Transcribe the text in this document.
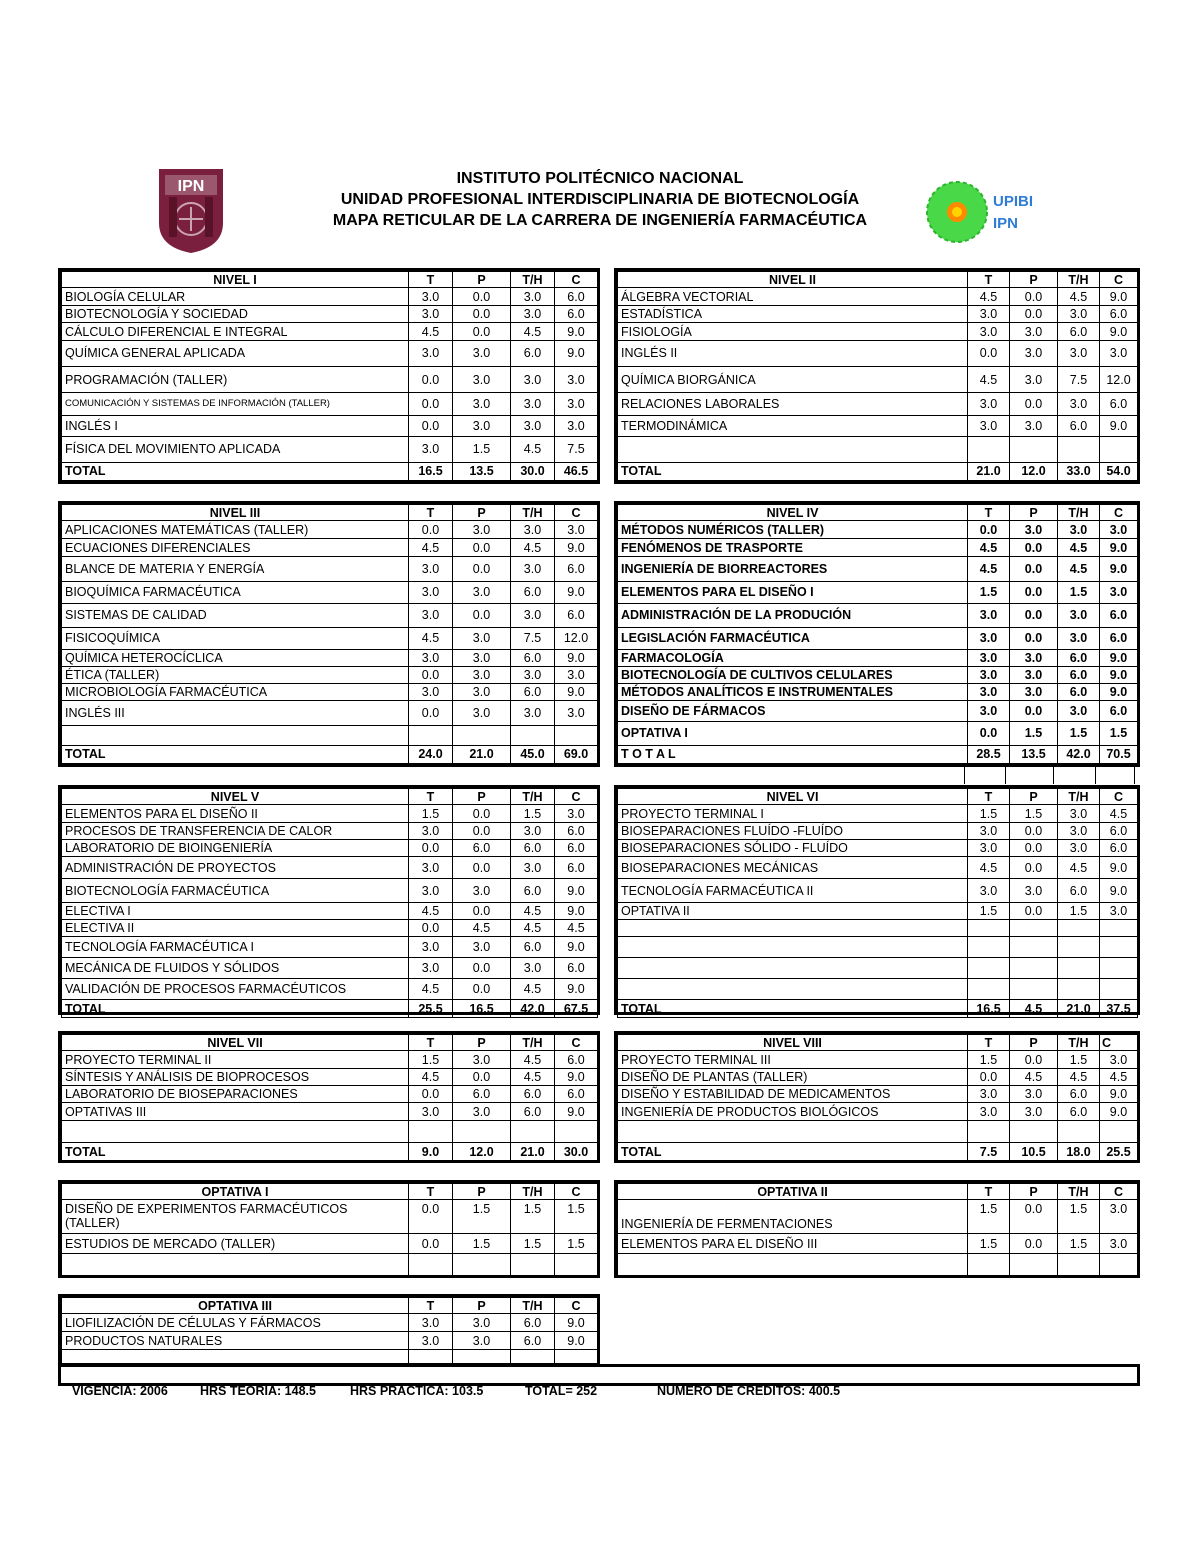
INSTITUTO POLITÉCNICO NACIONAL
UNIDAD PROFESIONAL INTERDISCIPLINARIA DE BIOTECNOLOGÍA
MAPA RETICULAR DE LA CARRERA DE INGENIERÍA FARMACÉUTICA
IPN
UPIBI
IPN
NIVEL I	T	P	T/H	C
BIOLOGÍA CELULAR	3.0	0.0	3.0	6.0
BIOTECNOLOGÍA Y SOCIEDAD	3.0	0.0	3.0	6.0
CÁLCULO DIFERENCIAL E INTEGRAL	4.5	0.0	4.5	9.0
QUÍMICA GENERAL APLICADA	3.0	3.0	6.0	9.0
PROGRAMACIÓN (TALLER)	0.0	3.0	3.0	3.0
COMUNICACIÓN Y SISTEMAS DE INFORMACIÓN (TALLER)	0.0	3.0	3.0	3.0
INGLÉS I	0.0	3.0	3.0	3.0
FÍSICA DEL MOVIMIENTO APLICADA	3.0	1.5	4.5	7.5
TOTAL	16.5	13.5	30.0	46.5
NIVEL II	T	P	T/H	C
ÁLGEBRA VECTORIAL	4.5	0.0	4.5	9.0
ESTADÍSTICA	3.0	0.0	3.0	6.0
FISIOLOGÍA	3.0	3.0	6.0	9.0
INGLÉS II	0.0	3.0	3.0	3.0
QUÍMICA BIORGÁNICA	4.5	3.0	7.5	12.0
RELACIONES LABORALES	3.0	0.0	3.0	6.0
TERMODINÁMICA	3.0	3.0	6.0	9.0

TOTAL	21.0	12.0	33.0	54.0
NIVEL III	T	P	T/H	C
APLICACIONES MATEMÁTICAS (TALLER)	0.0	3.0	3.0	3.0
ECUACIONES DIFERENCIALES	4.5	0.0	4.5	9.0
BLANCE DE MATERIA Y ENERGÍA	3.0	0.0	3.0	6.0
BIOQUÍMICA FARMACÉUTICA	3.0	3.0	6.0	9.0
SISTEMAS DE CALIDAD	3.0	0.0	3.0	6.0
FISICOQUÍMICA	4.5	3.0	7.5	12.0
QUÍMICA HETEROCÍCLICA	3.0	3.0	6.0	9.0
ÉTICA (TALLER)	0.0	3.0	3.0	3.0
MICROBIOLOGÍA FARMACÉUTICA	3.0	3.0	6.0	9.0
INGLÉS III	0.0	3.0	3.0	3.0

TOTAL	24.0	21.0	45.0	69.0
NIVEL IV	T	P	T/H	C
MÉTODOS NUMÉRICOS (TALLER)	0.0	3.0	3.0	3.0
FENÓMENOS DE TRASPORTE	4.5	0.0	4.5	9.0
INGENIERÍA DE BIORREACTORES	4.5	0.0	4.5	9.0
ELEMENTOS PARA EL DISEÑO I	1.5	0.0	1.5	3.0
ADMINISTRACIÓN DE LA PRODUCIÓN	3.0	0.0	3.0	6.0
LEGISLACIÓN FARMACÉUTICA	3.0	0.0	3.0	6.0
FARMACOLOGÍA	3.0	3.0	6.0	9.0
BIOTECNOLOGÍA DE CULTIVOS CELULARES	3.0	3.0	6.0	9.0
MÉTODOS ANALÍTICOS E INSTRUMENTALES	3.0	3.0	6.0	9.0
DISEÑO DE FÁRMACOS	3.0	0.0	3.0	6.0
OPTATIVA I	0.0	1.5	1.5	1.5
T O T A L	28.5	13.5	42.0	70.5
NIVEL V	T	P	T/H	C
ELEMENTOS PARA EL DISEÑO II	1.5	0.0	1.5	3.0
PROCESOS DE TRANSFERENCIA DE CALOR	3.0	0.0	3.0	6.0
LABORATORIO DE BIOINGENIERÍA	0.0	6.0	6.0	6.0
ADMINISTRACIÓN DE PROYECTOS	3.0	0.0	3.0	6.0
BIOTECNOLOGÍA FARMACÉUTICA	3.0	3.0	6.0	9.0
ELECTIVA I	4.5	0.0	4.5	9.0
ELECTIVA II	0.0	4.5	4.5	4.5
TECNOLOGÍA FARMACÉUTICA I	3.0	3.0	6.0	9.0
MECÁNICA DE FLUIDOS Y SÓLIDOS	3.0	0.0	3.0	6.0
VALIDACIÓN DE PROCESOS FARMACÉUTICOS	4.5	0.0	4.5	9.0
TOTAL	25.5	16.5	42.0	67.5
NIVEL VI	T	P	T/H	C
PROYECTO TERMINAL I	1.5	1.5	3.0	4.5
BIOSEPARACIONES FLUÍDO -FLUÍDO	3.0	0.0	3.0	6.0
BIOSEPARACIONES SÓLIDO - FLUÍDO	3.0	0.0	3.0	6.0
BIOSEPARACIONES MECÁNICAS	4.5	0.0	4.5	9.0
TECNOLOGÍA FARMACÉUTICA II	3.0	3.0	6.0	9.0
OPTATIVA II	1.5	0.0	1.5	3.0

TOTAL	16.5	4.5	21.0	37.5
NIVEL VII	T	P	T/H	C
PROYECTO TERMINAL II	1.5	3.0	4.5	6.0
SÍNTESIS Y ANÁLISIS DE BIOPROCESOS	4.5	0.0	4.5	9.0
LABORATORIO DE BIOSEPARACIONES	0.0	6.0	6.0	6.0
OPTATIVAS III	3.0	3.0	6.0	9.0

TOTAL	9.0	12.0	21.0	30.0
NIVEL VIII	T	P	T/H	C
PROYECTO TERMINAL III	1.5	0.0	1.5	3.0
DISEÑO DE PLANTAS (TALLER)	0.0	4.5	4.5	4.5
DISEÑO Y ESTABILIDAD DE MEDICAMENTOS	3.0	3.0	6.0	9.0
INGENIERÍA DE PRODUCTOS BIOLÓGICOS	3.0	3.0	6.0	9.0

TOTAL	7.5	10.5	18.0	25.5
OPTATIVA I	T	P	T/H	C
DISEÑO DE EXPERIMENTOS FARMACÉUTICOS (TALLER)	0.0	1.5	1.5	1.5
ESTUDIOS DE MERCADO (TALLER)	0.0	1.5	1.5	1.5

OPTATIVA II	T	P	T/H	C
INGENIERÍA DE FERMENTACIONES	1.5	0.0	1.5	3.0
ELEMENTOS PARA EL DISEÑO III	1.5	0.0	1.5	3.0

OPTATIVA III	T	P	T/H	C
LIOFILIZACIÓN DE CÉLULAS Y FÁRMACOS	3.0	3.0	6.0	9.0
PRODUCTOS NATURALES	3.0	3.0	6.0	9.0

VIGENCIA: 2006	HRS TEORIA: 148.5	HRS PRACTICA: 103.5	TOTAL= 252	NUMERO DE CREDITOS: 400.5
